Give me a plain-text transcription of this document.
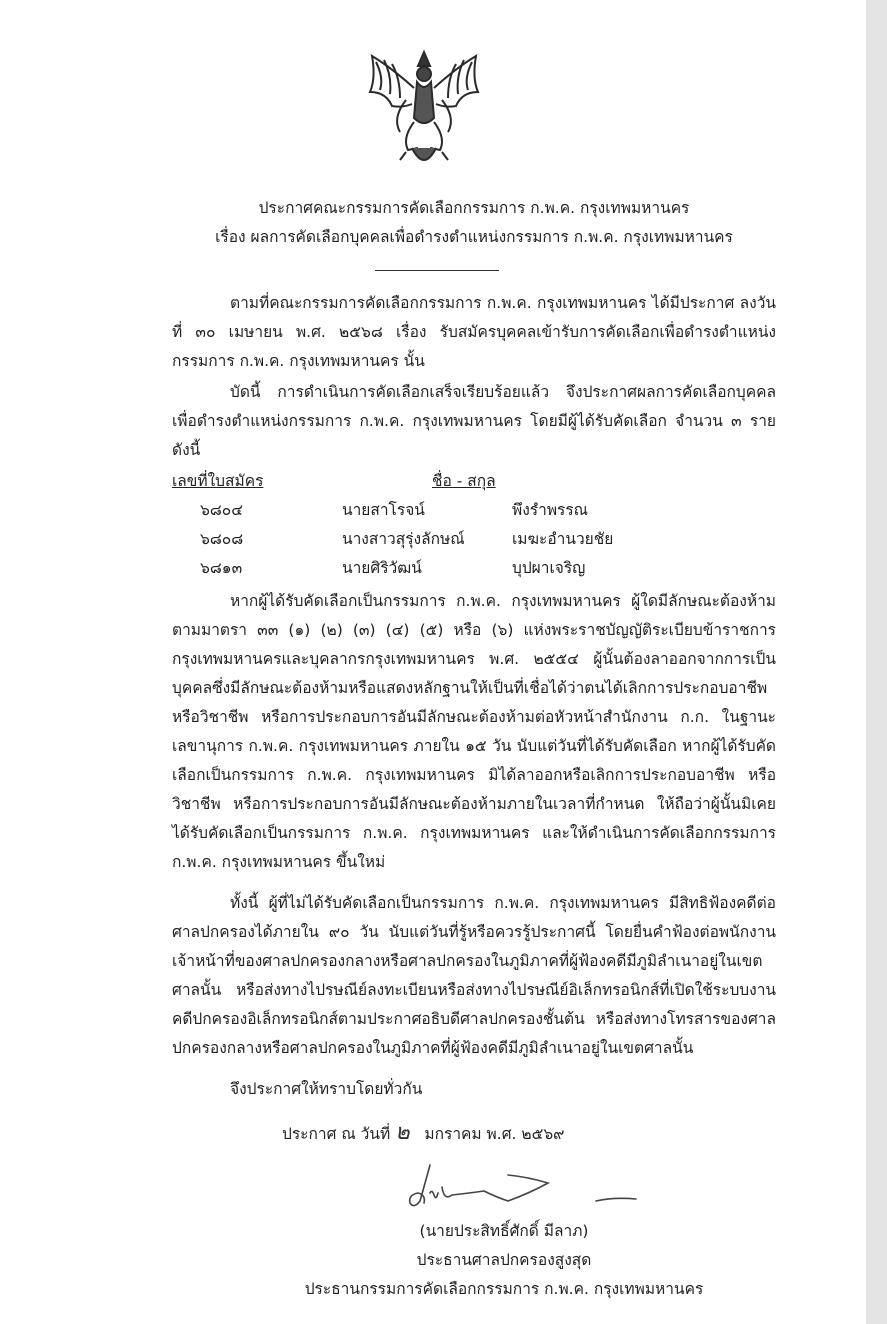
ประกาศคณะกรรมการคัดเลือกกรรมการ ก.พ.ค. กรุงเทพมหานคร
เรื่อง ผลการคัดเลือกบุคคลเพื่อดำรงตำแหน่งกรรมการ ก.พ.ค. กรุงเทพมหานคร

ตามที่คณะกรรมการคัดเลือกกรรมการ ก.พ.ค. กรุงเทพมหานคร ได้มีประกาศ ลงวันที่ ๓๐ เมษายน พ.ศ. ๒๕๖๘ เรื่อง รับสมัครบุคคลเข้ารับการคัดเลือกเพื่อดำรงตำแหน่งกรรมการ ก.พ.ค. กรุงเทพมหานคร นั้น

บัดนี้ การดำเนินการคัดเลือกเสร็จเรียบร้อยแล้ว จึงประกาศผลการคัดเลือกบุคคลเพื่อดำรงตำแหน่งกรรมการ ก.พ.ค. กรุงเทพมหานคร โดยมีผู้ได้รับคัดเลือก จำนวน ๓ ราย ดังนี้

เลขที่ใบสมัคร	ชื่อ - สกุล
๖๘๐๔	นายสาโรจน์	พึงรำพรรณ
๖๘๐๘	นางสาวสุรุ่งลักษณ์	เมฆะอำนวยชัย
๖๘๑๓	นายศิริวัฒน์	บุปผาเจริญ

หากผู้ได้รับคัดเลือกเป็นกรรมการ ก.พ.ค. กรุงเทพมหานคร ผู้ใดมีลักษณะต้องห้ามตามมาตรา ๓๓ (๑) (๒) (๓) (๔) (๕) หรือ (๖) แห่งพระราชบัญญัติระเบียบข้าราชการกรุงเทพมหานครและบุคลากรกรุงเทพมหานคร พ.ศ. ๒๕๕๔ ผู้นั้นต้องลาออกจากการเป็นบุคคลซึ่งมีลักษณะต้องห้ามหรือแสดงหลักฐานให้เป็นที่เชื่อได้ว่าตนได้เลิกการประกอบอาชีพ หรือวิชาชีพ หรือการประกอบการอันมีลักษณะต้องห้ามต่อหัวหน้าสำนักงาน ก.ก. ในฐานะเลขานุการ ก.พ.ค. กรุงเทพมหานคร ภายใน ๑๕ วัน นับแต่วันที่ได้รับคัดเลือก หากผู้ได้รับคัดเลือกเป็นกรรมการ ก.พ.ค. กรุงเทพมหานคร มิได้ลาออกหรือเลิกการประกอบอาชีพ หรือวิชาชีพ หรือการประกอบการอันมีลักษณะต้องห้ามภายในเวลาที่กำหนด ให้ถือว่าผู้นั้นมิเคยได้รับคัดเลือกเป็นกรรมการ ก.พ.ค. กรุงเทพมหานคร และให้ดำเนินการคัดเลือกกรรมการ ก.พ.ค. กรุงเทพมหานคร ขึ้นใหม่

ทั้งนี้ ผู้ที่ไม่ได้รับคัดเลือกเป็นกรรมการ ก.พ.ค. กรุงเทพมหานคร มีสิทธิฟ้องคดีต่อศาลปกครองได้ภายใน ๙๐ วัน นับแต่วันที่รู้หรือควรรู้ประกาศนี้ โดยยื่นคำฟ้องต่อพนักงานเจ้าหน้าที่ของศาลปกครองกลางหรือศาลปกครองในภูมิภาคที่ผู้ฟ้องคดีมีภูมิลำเนาอยู่ในเขตศาลนั้น หรือส่งทางไปรษณีย์ลงทะเบียนหรือส่งทางไปรษณีย์อิเล็กทรอนิกส์ที่เปิดใช้ระบบงานคดีปกครองอิเล็กทรอนิกส์ตามประกาศอธิบดีศาลปกครองชั้นต้น หรือส่งทางโทรสารของศาลปกครองกลางหรือศาลปกครองในภูมิภาคที่ผู้ฟ้องคดีมีภูมิลำเนาอยู่ในเขตศาลนั้น

จึงประกาศให้ทราบโดยทั่วกัน

ประกาศ ณ วันที่ ๒ มกราคม พ.ศ. ๒๕๖๙
(นายประสิทธิ์ศักดิ์ มีลาภ)
ประธานศาลปกครองสูงสุด
ประธานกรรมการคัดเลือกกรรมการ ก.พ.ค. กรุงเทพมหานคร
